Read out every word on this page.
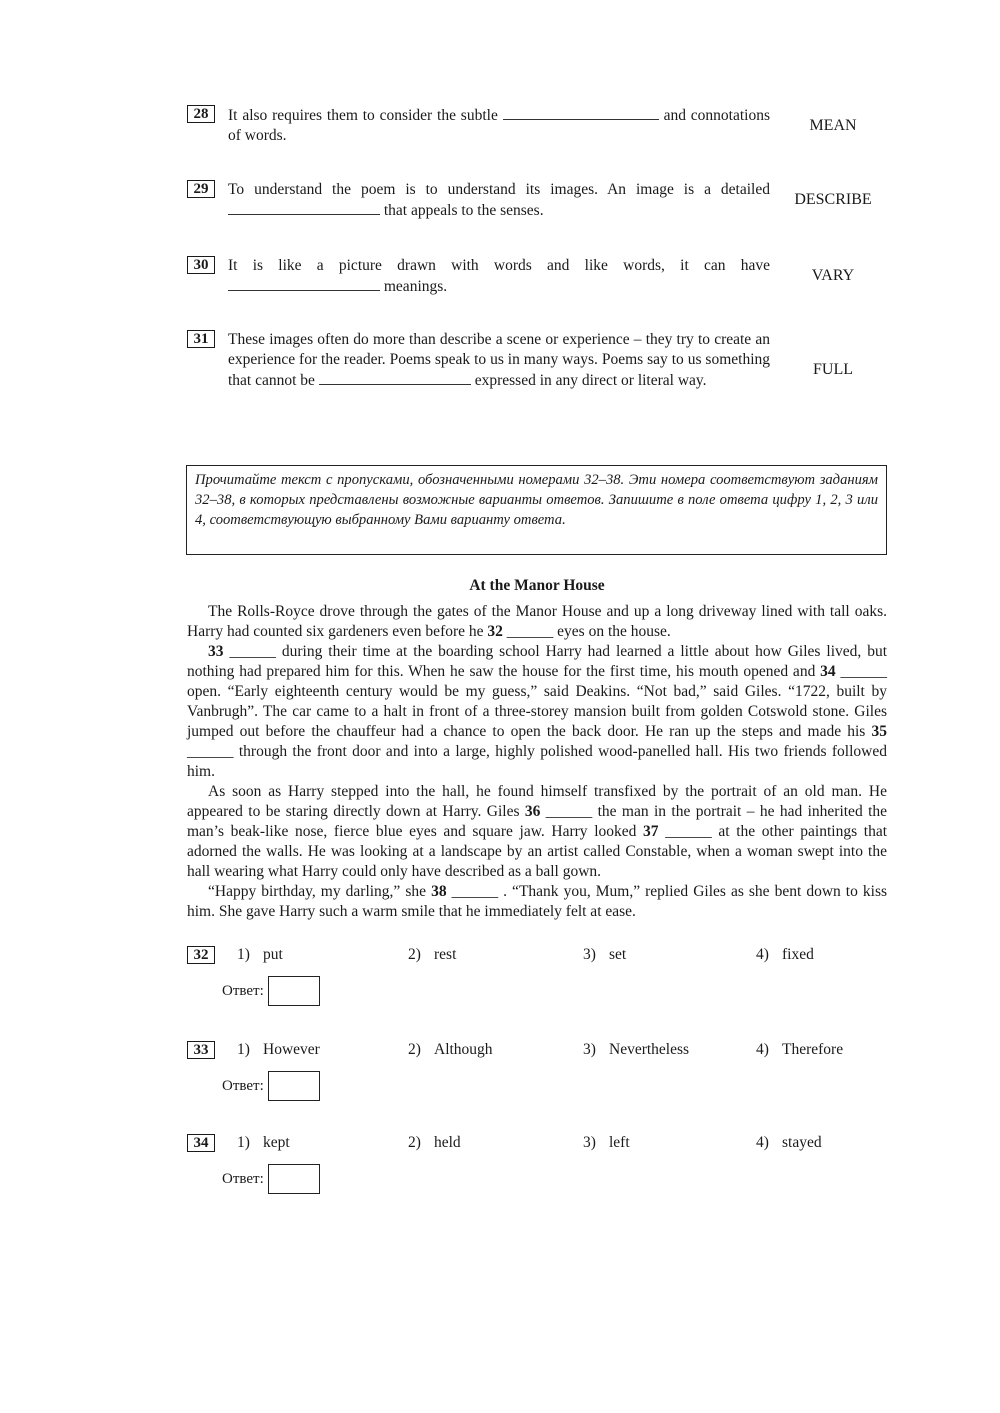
28	It also requires them to consider the subtle	and connotations of words.
MEAN
29	To understand the poem is to understand its images. An image is a detailed  that appeals to the senses.
DESCRIBE
30	It is like a picture drawn with words and like words, it can have  meanings.
VARY
31	These images often do more than describe a scene or experience – they try to create an experience for the reader. Poems speak to us in many ways. Poems say to us something that cannot be	expressed in any direct or literal way.
FULL
Прочитайте текст с пропусками, обозначенными номерами 32–38. Эти номера соответствуют заданиям 32–38, в которых представлены возможные варианты ответов. Запишите в поле ответа цифру 1, 2, 3 или 4, соответствующую выбранному Вами варианту ответа.
At the Manor House

The Rolls-Royce drove through the gates of the Manor House and up a long driveway lined with tall oaks. Harry had counted six gardeners even before he 32 ______ eyes on the house.

33 ______ during their time at the boarding school Harry had learned a little about how Giles lived, but nothing had prepared him for this. When he saw the house for the first time, his mouth opened and 34 ______ open. “Early eighteenth century would be my guess,” said Deakins. “Not bad,” said Giles. “1722, built by Vanbrugh”. The car came to a halt in front of a three-storey mansion built from golden Cotswold stone. Giles jumped out before the chauffeur had a chance to open the back door. He ran up the steps and made his 35 ______ through the front door and into a large, highly polished wood-panelled hall. His two friends followed him.

As soon as Harry stepped into the hall, he found himself transfixed by the portrait of an old man. He appeared to be staring directly down at Harry. Giles 36 ______ the man in the portrait – he had inherited the man’s beak-like nose, fierce blue eyes and square jaw. Harry looked 37 ______ at the other paintings that adorned the walls. He was looking at a landscape by an artist called Constable, when a woman swept into the hall wearing what Harry could only have described as a ball gown.

“Happy birthday, my darling,” she 38 ______ . “Thank you, Mum,” replied Giles as she bent down to kiss him. She gave Harry such a warm smile that he immediately felt at ease.

32	1) put	2) rest	3) set	4) fixed
Ответ:
33	1) However	2) Although	3) Nevertheless	4) Therefore
Ответ:
34	1) kept	2) held	3) left	4) stayed
Ответ:
